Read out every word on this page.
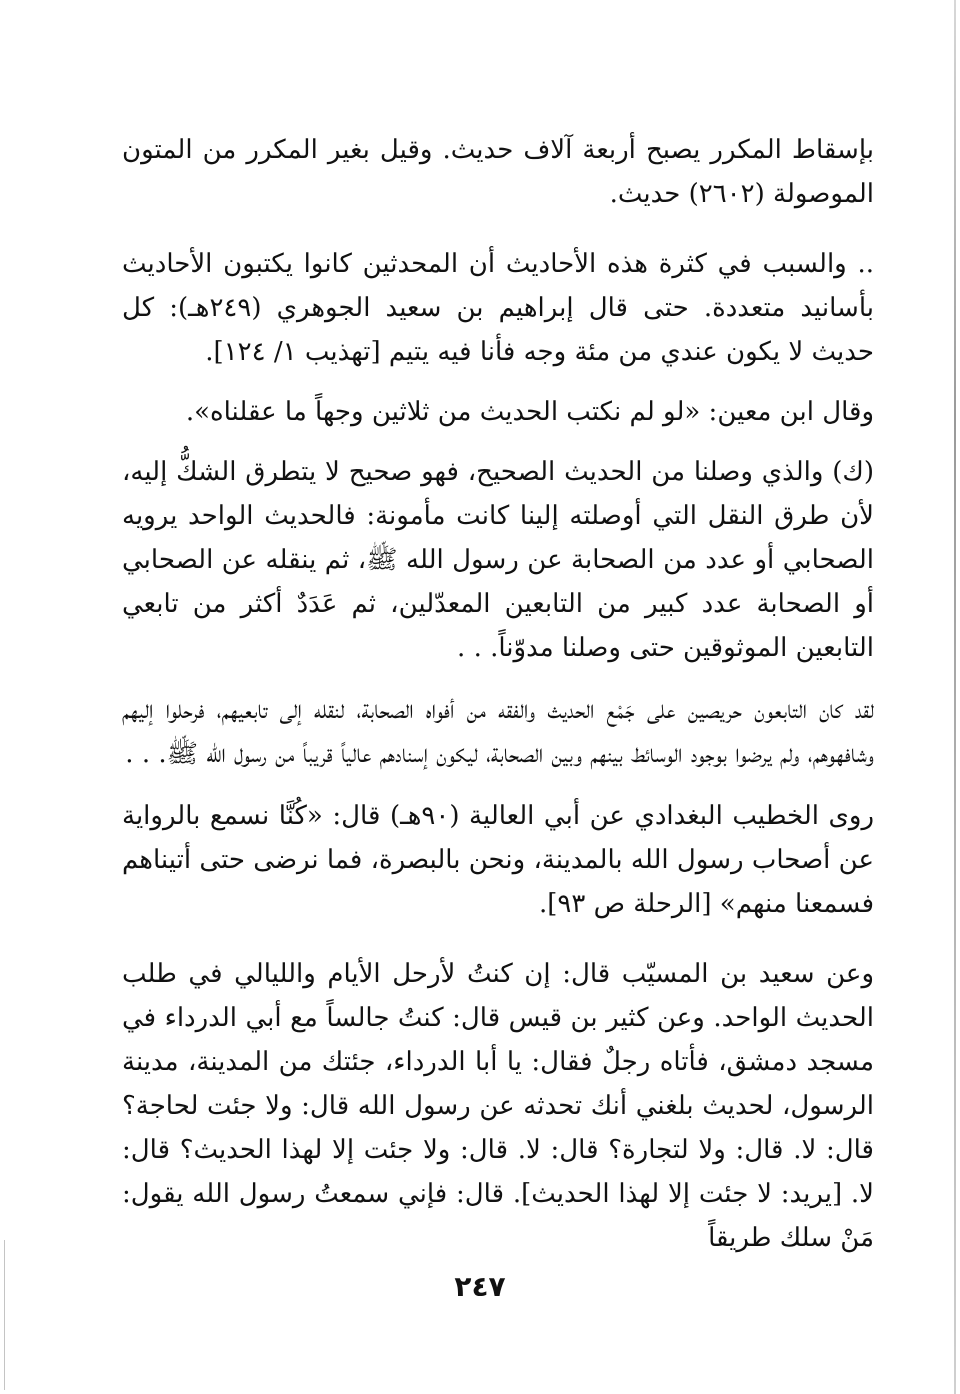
بإسقاط المكرر يصبح أربعة آلاف حديث. وقيل بغير المكرر من المتون الموصولة (٢٦٠٢) حديث.

.. والسبب في كثرة هذه الأحاديث أن المحدثين كانوا يكتبون الأحاديث بأسانيد متعددة. حتى قال إبراهيم بن سعيد الجوهري (٢٤٩هـ): كل حديث لا يكون عندي من مئة وجه فأنا فيه يتيم [تهذيب ١/ ١٢٤].

وقال ابن معين: «لو لم نكتب الحديث من ثلاثين وجهاً ما عقلناه».

(ك) والذي وصلنا من الحديث الصحيح، فهو صحيح لا يتطرق الشكُّ إليه، لأن طرق النقل التي أوصلته إلينا كانت مأمونة: فالحديث الواحد يرويه الصحابي أو عدد من الصحابة عن رسول الله ﷺ، ثم ينقله عن الصحابي أو الصحابة عدد كبير من التابعين المعدّلين، ثم عَدَدٌ أكثر من تابعي التابعين الموثوقين حتى وصلنا مدوّناً. . .

لقد كان التابعون حريصين على جَمْع الحديث والفقه من أفواه الصحابة، لنقله إلى تابعيهم، فرحلوا إليهم وشافهوهم، ولم يرضوا بوجود الوسائط بينهم وبين الصحابة، ليكون إسنادهم عالياً قريباً من رسول الله ﷺ. . .

روى الخطيب البغدادي عن أبي العالية (٩٠هـ) قال: «كُنَّا نسمع بالرواية عن أصحاب رسول الله بالمدينة، ونحن بالبصرة، فما نرضى حتى أتيناهم فسمعنا منهم» [الرحلة ص ٩٣].

وعن سعيد بن المسيّب قال: إن كنتُ لأرحل الأيام والليالي في طلب الحديث الواحد. وعن كثير بن قيس قال: كنتُ جالساً مع أبي الدرداء في مسجد دمشق، فأتاه رجلٌ فقال: يا أبا الدرداء، جئتك من المدينة، مدينة الرسول، لحديث بلغني أنك تحدثه عن رسول الله قال: ولا جئت لحاجة؟ قال: لا. قال: ولا لتجارة؟ قال: لا. قال: ولا جئت إلا لهذا الحديث؟ قال: لا. [يريد: لا جئت إلا لهذا الحديث]. قال: فإني سمعتُ رسول الله يقول: مَنْ سلك طريقاً

٢٤٧
